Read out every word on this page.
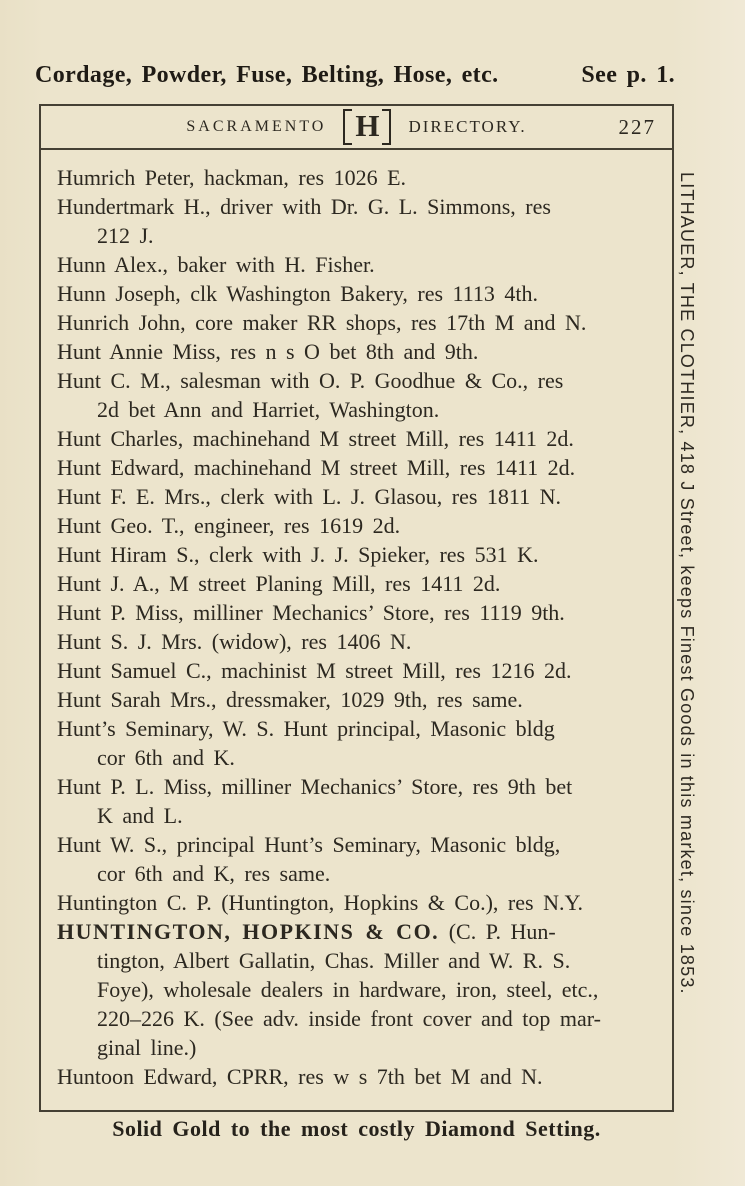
Cordage, Powder, Fuse, Belting, Hose, etc.	See p. 1.
SACRAMENTO H DIRECTORY.	227
Humrich Peter, hackman, res 1026 E.
Hundertmark H., driver with Dr. G. L. Simmons, res
212 J.
Hunn Alex., baker with H. Fisher.
Hunn Joseph, clk Washington Bakery, res 1113 4th.
Hunrich John, core maker RR shops, res 17th M and N.
Hunt Annie Miss, res n s O bet 8th and 9th.
Hunt C. M., salesman with O. P. Goodhue & Co., res
2d bet Ann and Harriet, Washington.
Hunt Charles, machinehand M street Mill, res 1411 2d.
Hunt Edward, machinehand M street Mill, res 1411 2d.
Hunt F. E. Mrs., clerk with L. J. Glasou, res 1811 N.
Hunt Geo. T., engineer, res 1619 2d.
Hunt Hiram S., clerk with J. J. Spieker, res 531 K.
Hunt J. A., M street Planing Mill, res 1411 2d.
Hunt P. Miss, milliner Mechanics’ Store, res 1119 9th.
Hunt S. J. Mrs. (widow), res 1406 N.
Hunt Samuel C., machinist M street Mill, res 1216 2d.
Hunt Sarah Mrs., dressmaker, 1029 9th, res same.
Hunt’s Seminary, W. S. Hunt principal, Masonic bldg
cor 6th and K.
Hunt P. L. Miss, milliner Mechanics’ Store, res 9th bet
K and L.
Hunt W. S., principal Hunt’s Seminary, Masonic bldg,
cor 6th and K, res same.
Huntington C. P. (Huntington, Hopkins & Co.), res N.Y.
HUNTINGTON, HOPKINS & CO. (C. P. Hun-
tington, Albert Gallatin, Chas. Miller and W. R. S.
Foye), wholesale dealers in hardware, iron, steel, etc.,
220–226 K. (See adv. inside front cover and top mar-
ginal line.)
Huntoon Edward, CPRR, res w s 7th bet M and N.
LITHAUER, THE CLOTHIER, 418 J Street, keeps Finest Goods in this market, since 1853.
Solid Gold to the most costly Diamond Setting.
